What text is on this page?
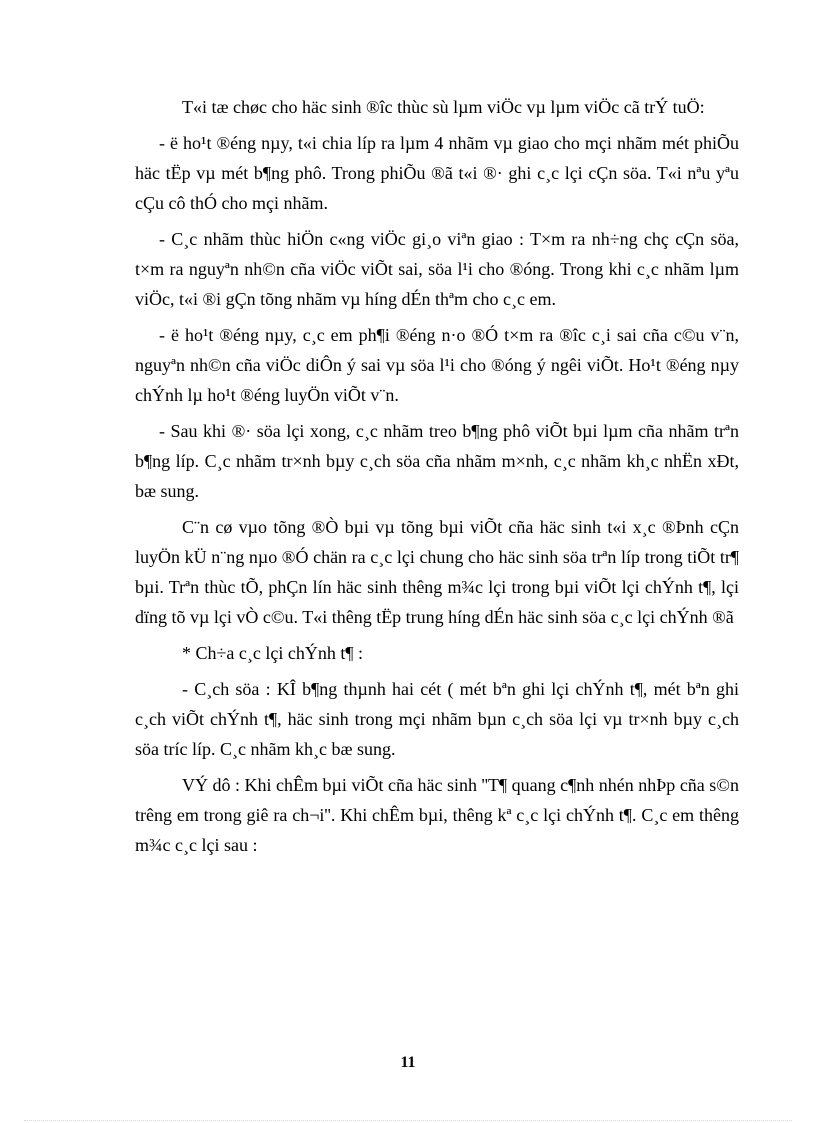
T«i tæ chøc cho häc sinh ®îc thùc sù lµm viÖc vµ lµm viÖc cã trÝ tuÖ:

- ë ho¹t ®éng nµy, t«i chia líp ra lµm 4 nhãm vµ giao cho mçi nhãm mét phiÕu häc tËp vµ mét b¶ng phô. Trong phiÕu ®ã t«i ®· ghi c¸c lçi cÇn söa. T«i nªu yªu cÇu cô thÓ cho mçi nhãm.

- C¸c nhãm thùc hiÖn c«ng viÖc gi¸o viªn giao : T×m ra nh÷ng chç cÇn söa, t×m ra nguyªn nh©n cña viÖc viÕt sai, söa l¹i cho ®óng. Trong khi c¸c nhãm lµm viÖc, t«i ®i gÇn tõng nhãm vµ híng dÉn thªm cho c¸c em.

- ë ho¹t ®éng nµy, c¸c em ph¶i ®éng n·o ®Ó t×m ra ®îc c¸i sai cña c©u v¨n, nguyªn nh©n cña viÖc diÔn ý sai vµ söa l¹i cho ®óng ý ngêi viÕt. Ho¹t ®éng nµy chÝnh lµ ho¹t ®éng luyÖn viÕt v¨n.

- Sau khi ®· söa lçi xong, c¸c nhãm treo b¶ng phô viÕt bµi lµm cña nhãm trªn b¶ng líp. C¸c nhãm tr×nh bµy c¸ch söa cña nhãm m×nh, c¸c nhãm kh¸c nhËn xÐt, bæ sung.

C¨n cø vµo tõng ®Ò bµi vµ tõng bµi viÕt cña häc sinh t«i x¸c ®Þnh cÇn luyÖn kÜ n¨ng nµo ®Ó chän ra c¸c lçi chung cho häc sinh söa trªn líp trong tiÕt tr¶ bµi. Trªn thùc tÕ, phÇn lín häc sinh thêng m¾c lçi trong bµi viÕt lçi chÝnh t¶, lçi dïng tõ vµ lçi vÒ c©u. T«i thêng tËp trung híng dÉn häc sinh söa c¸c lçi chÝnh ®ã

* Ch÷a c¸c lçi chÝnh t¶ :

- C¸ch söa : KÎ b¶ng thµnh hai cét ( mét bªn ghi lçi chÝnh t¶, mét bªn ghi c¸ch viÕt chÝnh t¶, häc sinh trong mçi nhãm bµn c¸ch söa lçi vµ tr×nh bµy c¸ch söa tríc líp. C¸c nhãm kh¸c bæ sung.

VÝ dô : Khi chÊm bµi viÕt cña häc sinh ''T¶ quang c¶nh nhén nhÞp cña s©n trêng em trong giê ra ch¬i''. Khi chÊm bµi, thêng kª c¸c lçi chÝnh t¶. C¸c em thêng m¾c c¸c lçi sau :

11
